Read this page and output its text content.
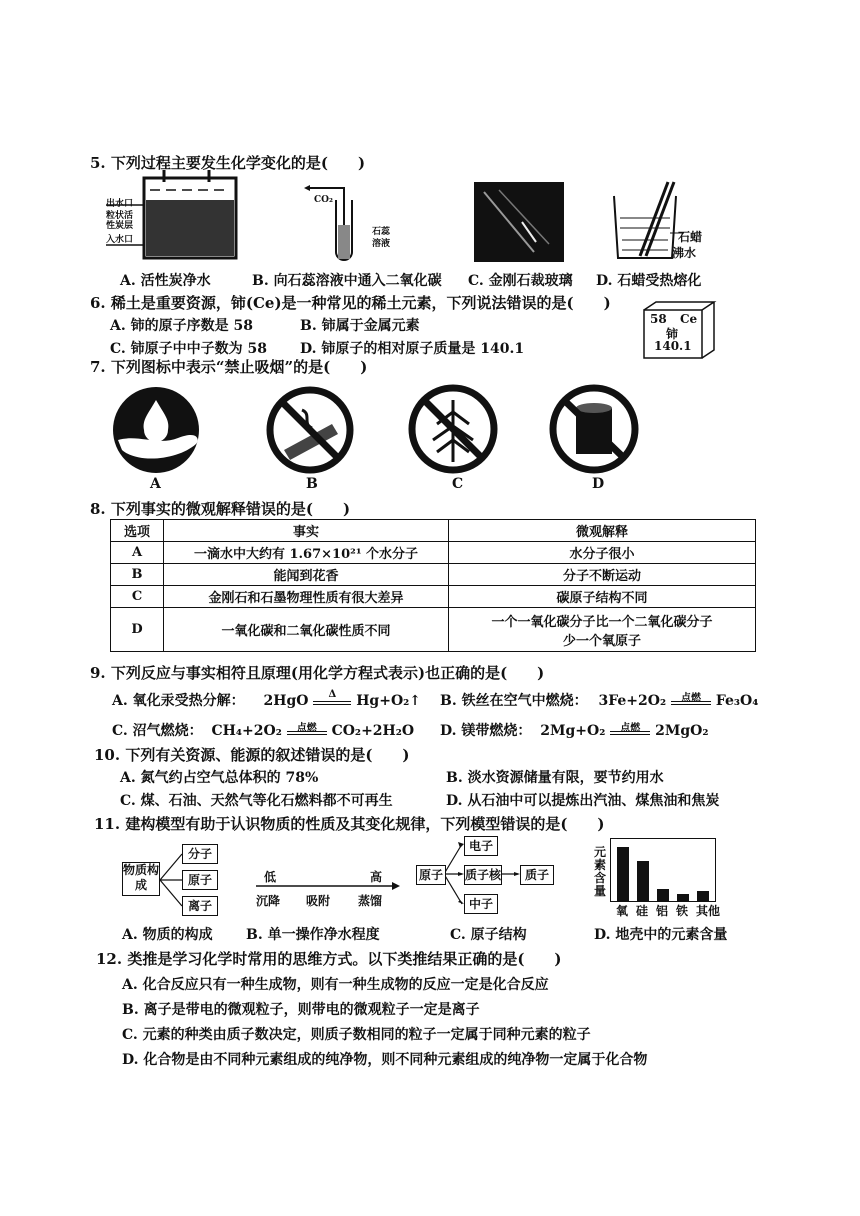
5. 下列过程主要发生化学变化的是(　　)
出水口
粒状活
性炭层
入水口
CO₂
石蕊
溶液	石蜡
沸水
A. 活性炭净水	B. 向石蕊溶液中通入二氧化碳 C. 金刚石裁玻璃 D. 石蜡受热熔化
6. 稀土是重要资源，铈(Ce)是一种常见的稀土元素，下列说法错误的是(　　)
A. 铈的原子序数是 58	B. 铈属于金属元素
C. 铈原子中中子数为 58 D. 铈原子的相对原子质量是 140.1
58 Ce
铈
140.1
7. 下列图标中表示“禁止吸烟”的是(　　)
A	B	C	D
8. 下列事实的微观解释错误的是(　　)
选项	事实	微观解释
A	一滴水中大约有 1.67×10²¹ 个水分子	水分子很小
B	能闻到花香	分子不断运动
C	金刚石和石墨物理性质有很大差异	碳原子结构不同
D	一氧化碳和二氧化碳性质不同	一个一氧化碳分子比一个二氧化碳分子
少一个氧原子
9. 下列反应与事实相符且原理(用化学方程式表示)也正确的是(　　)
A. 氧化汞受热分解： 2HgO	Δ	Hg+O₂↑ B. 铁丝在空气中燃烧： 3Fe+2O₂	点燃	Fe₃O₄
C. 沼气燃烧： CH₄+2O₂	点燃	CO₂+2H₂O D. 镁带燃烧： 2Mg+O₂	点燃	2MgO₂
10. 下列有关资源、能源的叙述错误的是(　　)
A. 氮气约占空气总体积的 78%	B. 淡水资源储量有限，要节约用水
C. 煤、石油、天然气等化石燃料都不可再生	D. 从石油中可以提炼出汽油、煤焦油和焦炭
11. 建构模型有助于认识物质的性质及其变化规律，下列模型错误的是(　　)
物质构成
分子
原子
离子
低	高
沉降 吸附 蒸馏
原子
电子
质子核	质子
中子
元素含量
氧 硅 铝 铁 其他
A. 物质的构成 B. 单一操作净水程度	C. 原子结构	D. 地壳中的元素含量
12. 类推是学习化学时常用的思维方式。以下类推结果正确的是(　　)
A. 化合反应只有一种生成物，则有一种生成物的反应一定是化合反应
B. 离子是带电的微观粒子，则带电的微观粒子一定是离子
C. 元素的种类由质子数决定，则质子数相同的粒子一定属于同种元素的粒子
D. 化合物是由不同种元素组成的纯净物，则不同种元素组成的纯净物一定属于化合物
